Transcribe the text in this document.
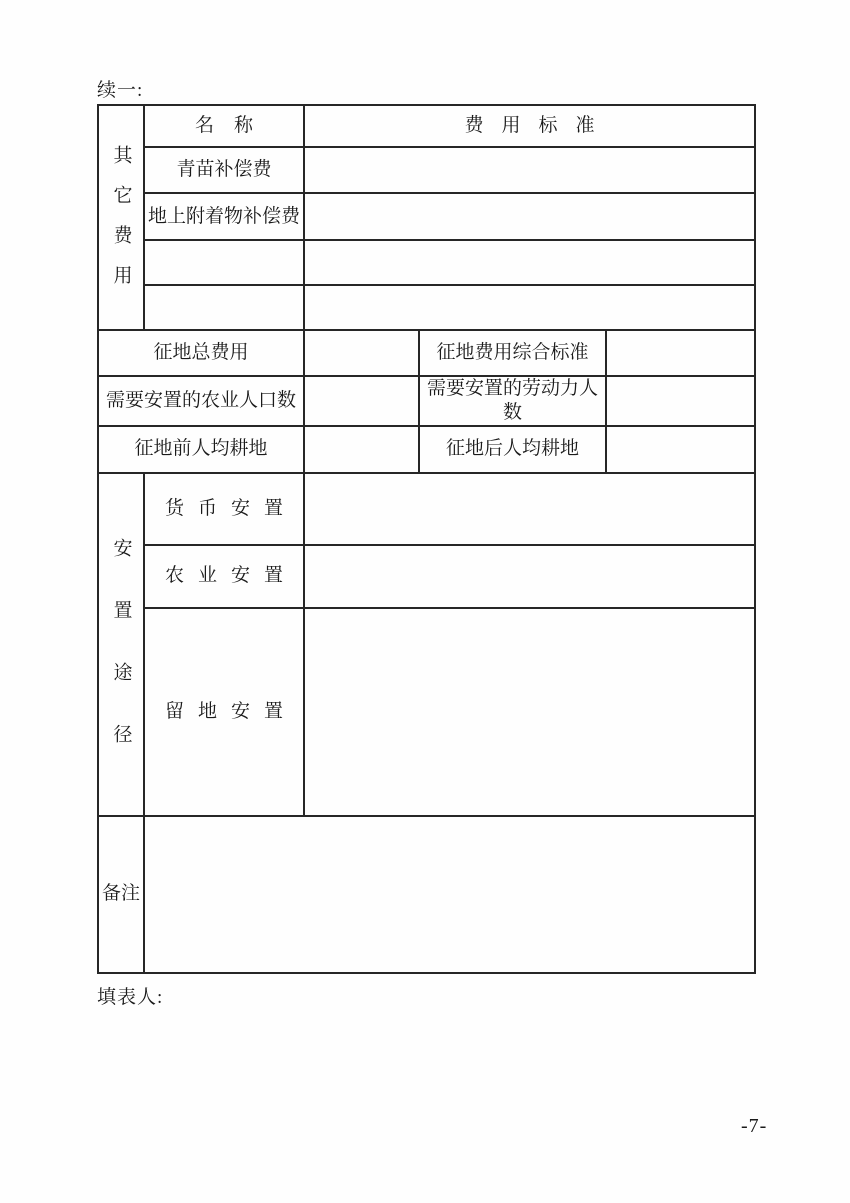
续一:
其它费用	名称	费用标准		
	青苗补偿费			
	地上附着物补偿费			

征地总费用			征地费用综合标准	
需要安置的农业人口数			需要安置的劳动力人数	
征地前人均耕地			征地后人均耕地	
安置途径	货币安置			
	农业安置			
	留地安置			
备注				
填表人:
-7-
